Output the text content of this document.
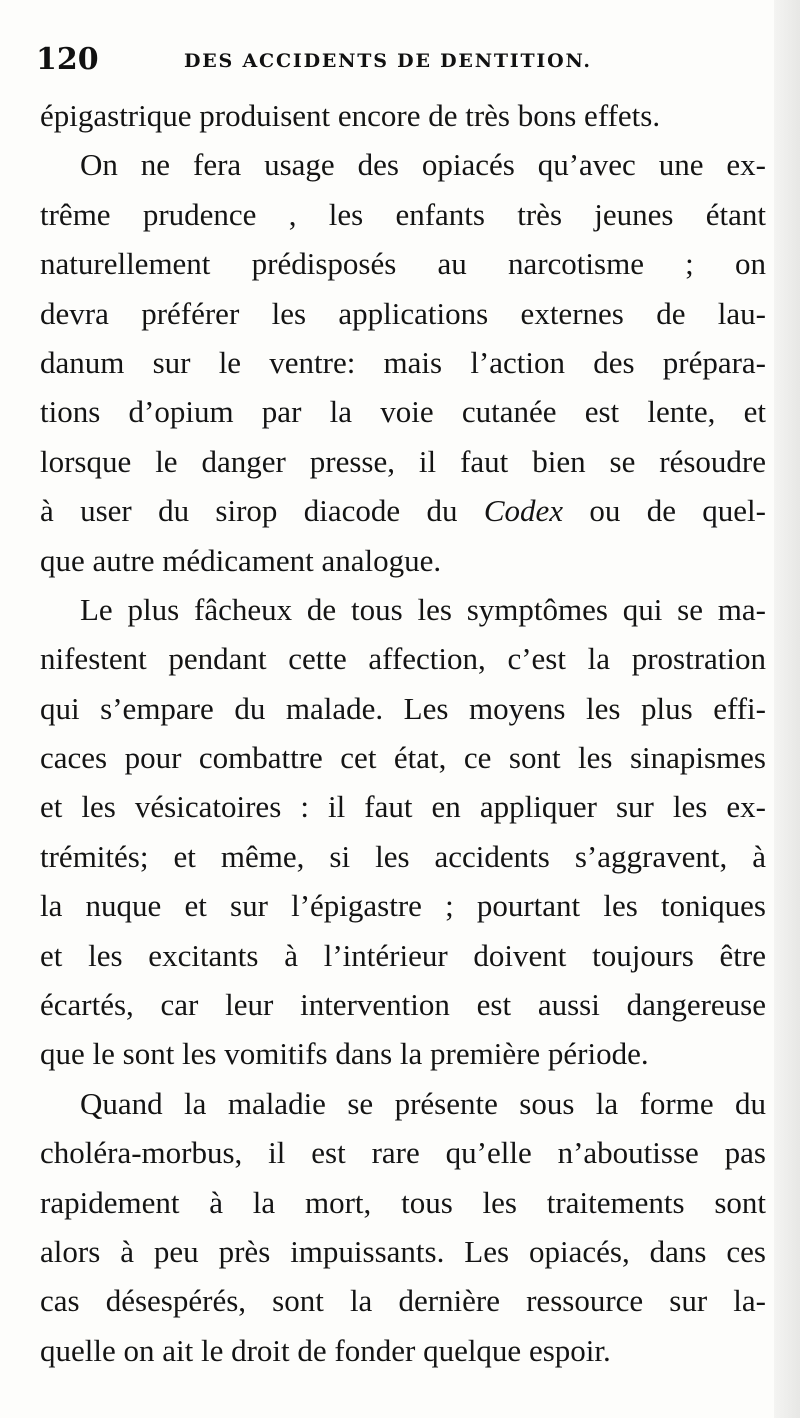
120	DES ACCIDENTS DE DENTITION.

épigastrique produisent encore de très bons effets.

On ne fera usage des opiacés qu’avec une ex-
trême prudence , les enfants très jeunes étant
naturellement prédisposés au narcotisme ; on
devra préférer les applications externes de lau-
danum sur le ventre: mais l’action des prépara-
tions d’opium par la voie cutanée est lente, et
lorsque le danger presse, il faut bien se résoudre
à user du sirop diacode du Codex ou de quel-
que autre médicament analogue.

Le plus fâcheux de tous les symptômes qui se ma-
nifestent pendant cette affection, c’est la prostration
qui s’empare du malade. Les moyens les plus effi-
caces pour combattre cet état, ce sont les sinapismes
et les vésicatoires : il faut en appliquer sur les ex-
trémités; et même, si les accidents s’aggravent, à
la nuque et sur l’épigastre ; pourtant les toniques
et les excitants à l’intérieur doivent toujours être
écartés, car leur intervention est aussi dangereuse
que le sont les vomitifs dans la première période.

Quand la maladie se présente sous la forme du
choléra-morbus, il est rare qu’elle n’aboutisse pas
rapidement à la mort, tous les traitements sont
alors à peu près impuissants. Les opiacés, dans ces
cas désespérés, sont la dernière ressource sur la-
quelle on ait le droit de fonder quelque espoir.
